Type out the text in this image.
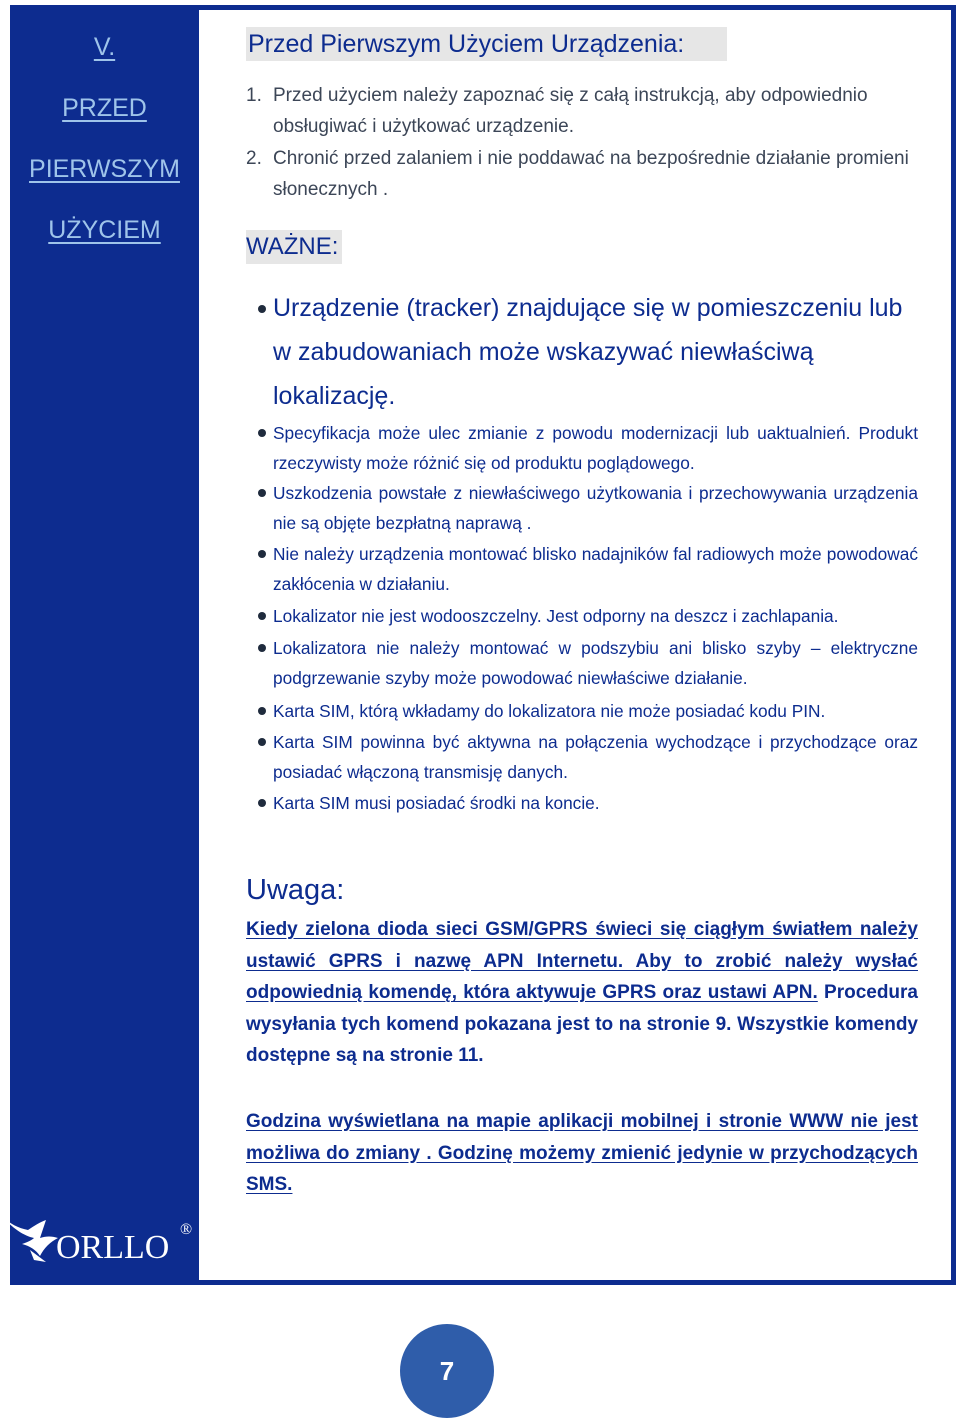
V.
PRZED
PIERWSZYM
UŻYCIEM
ORLLO ®
Przed Pierwszym Użyciem Urządzenia:
1. Przed użyciem należy zapoznać się z całą instrukcją, aby odpowiednio obsługiwać i użytkować urządzenie.
2. Chronić przed zalaniem i nie poddawać na bezpośrednie działanie promieni słonecznych .
WAŻNE:
Urządzenie (tracker) znajdujące się w pomieszczeniu lub w zabudowaniach może wskazywać niewłaściwą lokalizację.
Specyfikacja może ulec zmianie z powodu modernizacji lub uaktualnień. Produkt rzeczywisty może różnić się od produktu poglądowego.
Uszkodzenia powstałe z niewłaściwego użytkowania i przechowywania urządzenia nie są objęte bezpłatną naprawą .
Nie należy urządzenia montować blisko nadajników fal radiowych może powodować zakłócenia w działaniu.
Lokalizator nie jest wodooszczelny. Jest odporny na deszcz i zachlapania.
Lokalizatora nie należy montować w podszybiu ani blisko szyby – elektryczne podgrzewanie szyby może powodować niewłaściwe działanie.
Karta SIM, którą wkładamy do lokalizatora nie może posiadać kodu PIN.
Karta SIM powinna być aktywna na połączenia wychodzące i przychodzące oraz posiadać włączoną transmisję danych.
Karta SIM musi posiadać środki na koncie.
Uwaga:
Kiedy zielona dioda sieci GSM/GPRS świeci się ciągłym światłem należy ustawić GPRS i nazwę APN Internetu. Aby to zrobić należy wysłać odpowiednią komendę, która aktywuje GPRS oraz ustawi APN. Procedura wysyłania tych komend pokazana jest to na stronie 9. Wszystkie komendy dostępne są na stronie 11.
Godzina wyświetlana na mapie aplikacji mobilnej i stronie WWW nie jest możliwa do zmiany . Godzinę możemy zmienić jedynie w przychodzących SMS.
7
